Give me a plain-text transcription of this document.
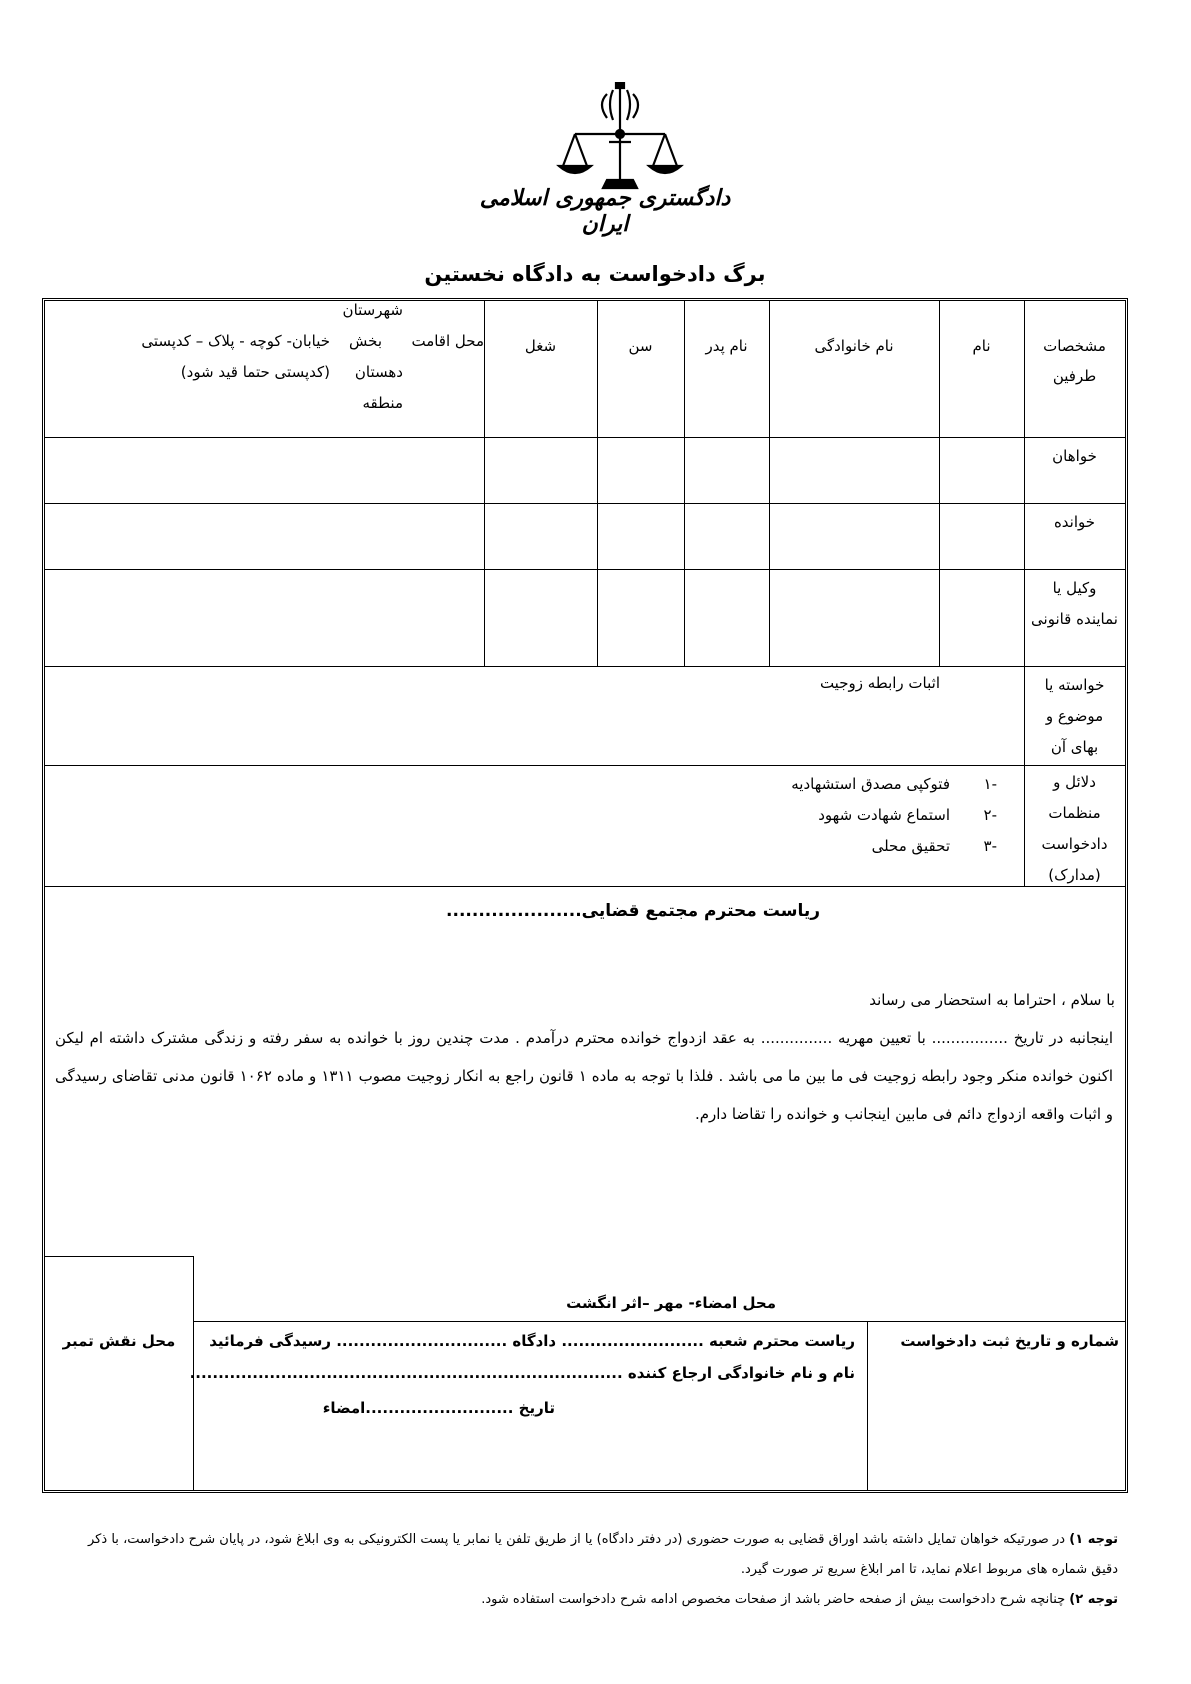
دادگستری جمهوری اسلامی ایران
برگ دادخواست به دادگاه نخستین
مشخصات طرفین
نام
نام خانوادگی
نام پدر
سن
شغل
محل اقامت
شهرستان
بخش
خیابان- کوچه - پلاک – کدپستی
دهستان
(کدپستی حتما قید شود)
منطقه
خواهان
خوانده
وکیل یا نماینده قانونی
خواسته یا موضوع و بهای آن
اثبات رابطه زوجیت
دلائل و منظمات دادخواست (مدارک)
-۱
فتوکپی مصدق استشهادیه
-۲
استماع شهادت شهود
-۳
تحقیق محلی
ریاست محترم مجتمع قضایی.....................
با سلام ، احتراما به استحضار می رساند
اینجانبه در تاریخ ................ با تعیین مهریه ............... به عقد ازدواج خوانده محترم درآمدم . مدت چندین روز با خوانده به سفر رفته و زندگی مشترک داشته ام لیکن اکنون خوانده منکر وجود رابطه زوجیت فی ما بین ما می باشد . فلذا با توجه به ماده ۱ قانون راجع به انکار زوجیت مصوب ۱۳۱۱ و ماده ۱۰۶۲ قانون مدنی تقاضای رسیدگی و اثبات واقعه ازدواج دائم فی مابین اینجانب و خوانده را تقاضا دارم.
محل نقش تمبر
محل امضاء- مهر –اثر انگشت
ریاست محترم شعبه ......................... دادگاه .............................. رسیدگی فرمائید
نام و نام خانوادگی ارجاع کننده ............................................................................
تاریخ ..........................امضاء
شماره و تاریخ ثبت دادخواست
توجه ۱) در صورتیکه خواهان تمایل داشته باشد اوراق قضایی به صورت حضوری (در دفتر دادگاه) یا از طریق تلفن یا نمابر یا پست الکترونیکی به وی ابلاغ شود، در پایان شرح دادخواست، با ذکر دقیق شماره های مربوط اعلام نماید، تا امر ابلاغ سریع تر صورت گیرد.
توجه ۲) چنانچه شرح دادخواست بیش از صفحه حاضر باشد از صفحات مخصوص ادامه شرح دادخواست استفاده شود.
